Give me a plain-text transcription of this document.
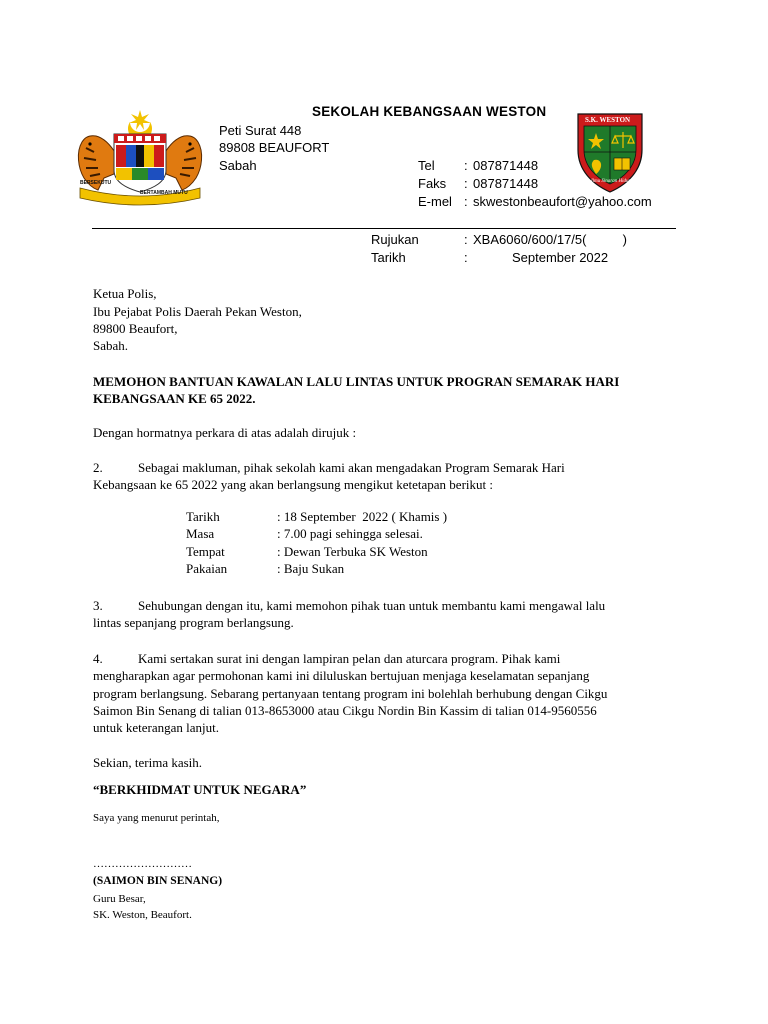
BERSEKUTU
BERTAMBAH MUTU
SEKOLAH KEBANGSAAN WESTON
Peti Surat 448
89808 BEAUFORT
Sabah	Tel : 087871448
Faks : 087871448
E-mel : skwestonbeaufort@yahoo.com
S.K. WESTON
Ilmu Sinaran Hidup
Rujukan	: XBA6060/600/17/5(          )
Tarikh	:	September 2022
Ketua Polis,
Ibu Pejabat Polis Daerah Pekan Weston,
89800 Beaufort,
Sabah.
MEMOHON BANTUAN KAWALAN LALU LINTAS UNTUK PROGRAN SEMARAK HARI
KEBANGSAAN KE 65 2022.
Dengan hormatnya perkara di atas adalah dirujuk :
2.	Sebagai makluman, pihak sekolah kami akan mengadakan Program Semarak Hari
Kebangsaan ke 65 2022 yang akan berlangsung mengikut ketetapan berikut :
Tarikh	: 18 September  2022 ( Khamis )
Masa	: 7.00 pagi sehingga selesai.
Tempat	: Dewan Terbuka SK Weston
Pakaian	: Baju Sukan
3.	Sehubungan dengan itu, kami memohon pihak tuan untuk membantu kami mengawal lalu
lintas sepanjang program berlangsung.
4.	Kami sertakan surat ini dengan lampiran pelan dan aturcara program. Pihak kami
mengharapkan agar permohonan kami ini diluluskan bertujuan menjaga keselamatan sepanjang
program berlangsung. Sebarang pertanyaan tentang program ini bolehlah berhubung dengan Cikgu
Saimon Bin Senang di talian 013-8653000 atau Cikgu Nordin Bin Kassim di talian 014-9560556
untuk keterangan lanjut.
Sekian, terima kasih.
“BERKHIDMAT UNTUK NEGARA”
Saya yang menurut perintah,
………………………
(SAIMON BIN SENANG)
Guru Besar,
SK. Weston, Beaufort.
